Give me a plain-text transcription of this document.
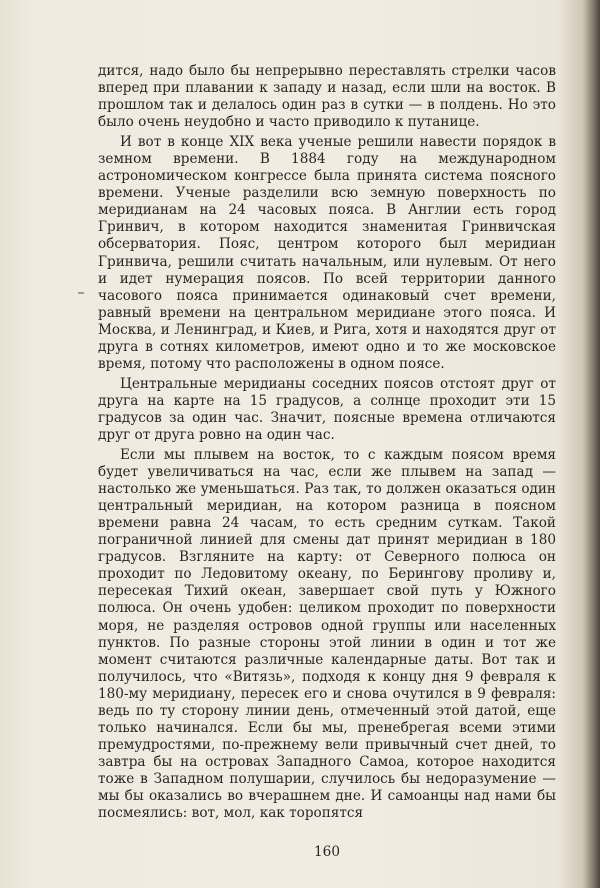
дится, надо было бы непрерывно переставлять стрелки часов вперед при плавании к западу и назад, если шли на восток. В прошлом так и делалось один раз в сутки — в полдень. Но это было очень неудобно и часто приводило к путанице.

И вот в конце XIX века ученые решили навести порядок в земном времени. В 1884 году на международном астрономическом конгрессе была принята система поясного времени. Ученые разделили всю земную поверхность по меридианам на 24 часовых пояса. В Англии есть город Гринвич, в котором находится знаменитая Гринвичская обсерватория. Пояс, центром которого был меридиан Гринвича, решили считать начальным, или нулевым. От него и идет нумерация поясов. По всей территории данного часового пояса принимается одинаковый счет времени, равный времени на центральном меридиане этого пояса. И Москва, и Ленинград, и Киев, и Рига, хотя и находятся друг от друга в сотнях километров, имеют одно и то же московское время, потому что расположены в одном поясе.

Центральные меридианы соседних поясов отстоят друг от друга на карте на 15 градусов, а солнце проходит эти 15 градусов за один час. Значит, поясные времена отличаются друг от друга ровно на один час.

Если мы плывем на восток, то с каждым поясом время будет увеличиваться на час, если же плывем на запад — настолько же уменьшаться. Раз так, то должен оказаться один центральный меридиан, на котором разница в поясном времени равна 24 часам, то есть средним суткам. Такой пограничной линией для смены дат принят меридиан в 180 градусов. Взгляните на карту: от Северного полюса он проходит по Ледовитому океану, по Берингову проливу и, пересекая Тихий океан, завершает свой путь у Южного полюса. Он очень удобен: целиком проходит по поверхности моря, не разделяя островов одной группы или населенных пунктов. По разные стороны этой линии в один и тот же момент считаются различные календарные даты. Вот так и получилось, что «Витязь», подходя к концу дня 9 февраля к 180-му меридиану, пересек его и снова очутился в 9 февраля: ведь по ту сторону линии день, отмеченный этой датой, еще только начинался. Если бы мы, пренебрегая всеми этими премудростями, по-прежнему вели привычный счет дней, то завтра бы на островах Западного Самоа, которое находится тоже в Западном полушарии, случилось бы недоразумение — мы бы оказались во вчерашнем дне. И самоанцы над нами бы посмеялись: вот, мол, как торопятся

160
